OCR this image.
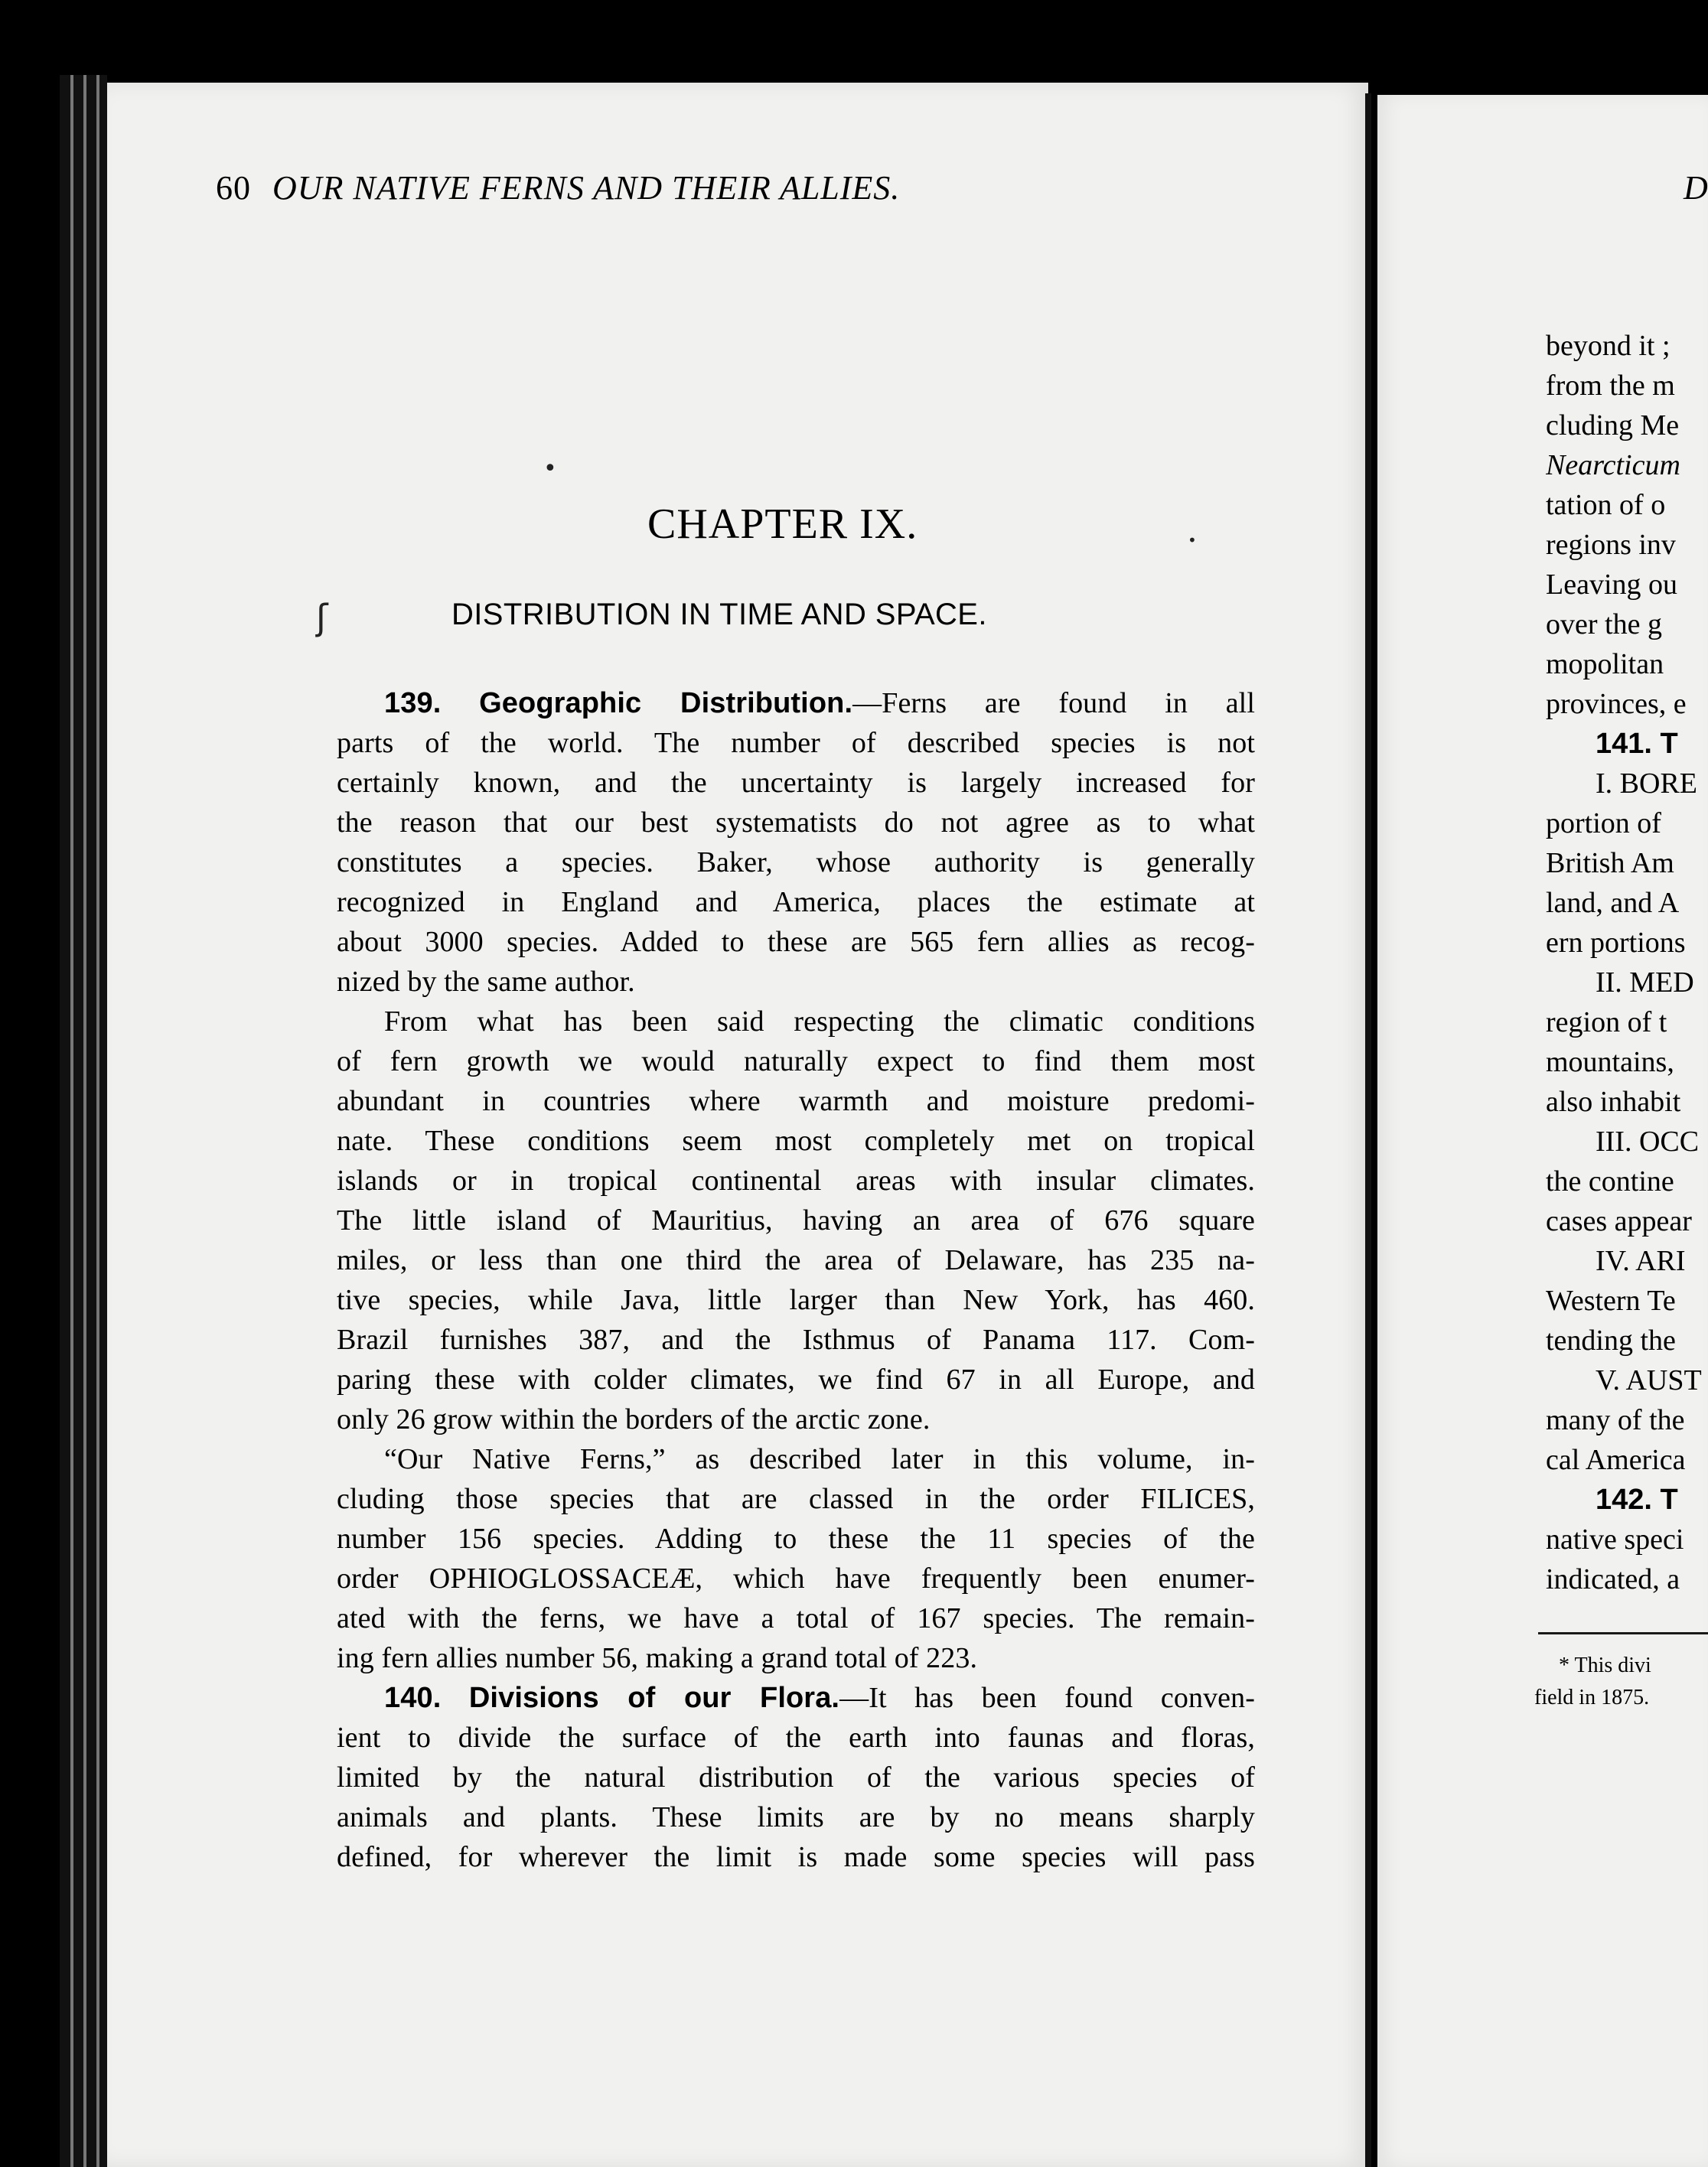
60 OUR NATIVE FERNS AND THEIR ALLIES.	D
•
•
ʃ
CHAPTER IX.
DISTRIBUTION IN TIME AND SPACE.
139. Geographic Distribution.—Ferns are found in all
parts of the world. The number of described species is not
certainly known, and the uncertainty is largely increased for
the reason that our best systematists do not agree as to what
constitutes a species. Baker, whose authority is generally
recognized in England and America, places the estimate at
about 3000 species. Added to these are 565 fern allies as recog-
nized by the same author.
From what has been said respecting the climatic conditions
of fern growth we would naturally expect to find them most
abundant in countries where warmth and moisture predomi-
nate. These conditions seem most completely met on tropical
islands or in tropical continental areas with insular climates.
The little island of Mauritius, having an area of 676 square
miles, or less than one third the area of Delaware, has 235 na-
tive species, while Java, little larger than New York, has 460.
Brazil furnishes 387, and the Isthmus of Panama 117. Com-
paring these with colder climates, we find 67 in all Europe, and
only 26 grow within the borders of the arctic zone.
“Our Native Ferns,” as described later in this volume, in-
cluding those species that are classed in the order FILICES,
number 156 species. Adding to these the 11 species of the
order OPHIOGLOSSACEÆ, which have frequently been enumer-
ated with the ferns, we have a total of 167 species. The remain-
ing fern allies number 56, making a grand total of 223.
140. Divisions of our Flora.—It has been found conven-
ient to divide the surface of the earth into faunas and floras,
limited by the natural distribution of the various species of
animals and plants. These limits are by no means sharply
defined, for wherever the limit is made some species will pass
beyond it ;
from the m
cluding Me
Nearcticum
tation of o
regions inv
Leaving ou
over the g
mopolitan
provinces, e
141. T
I. BORE
portion of
British Am
land, and A
ern portions
II. MED
region of t
mountains,
also inhabit
III. OCC
the contine
cases appear
IV. ARI
Western Te
tending the
V. AUST
many of the
cal America
142. T
native speci
indicated, a
* This divi
field in 1875.
